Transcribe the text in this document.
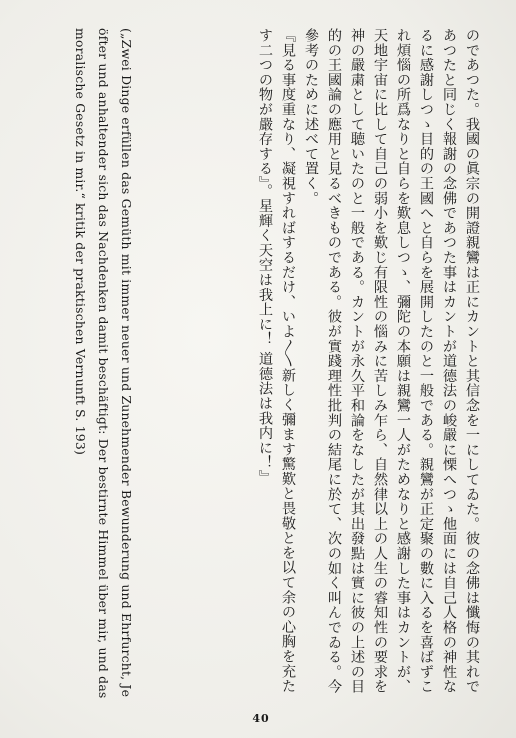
のであつた。我國の眞宗の開證親鸞は正にカントと其信念を一にしてゐた。彼の念佛は懺悔の其れであつたと同じく報謝の念佛であつた事はカントが道德法の峻嚴に慄へつゝ他面には自己人格の神性なるに感謝しつゝ目的の王國へと自らを展開したのと一般である。親鸞が正定聚の數に入るを喜ばずこれ煩惱の所爲なりと自らを歎息しつゝ、彌陀の本願は親鸞一人がためなりと感謝した事はカントが、天地宇宙に比して自己の弱小を歎じ有限性の惱みに苦しみ乍ら、自然律以上の人生の睿知性の要求を神の嚴粛として聴いたのと一般である。カントが永久平和論をなしたが其出發點は實に彼の上述の目的の王國論の應用と見るべきものである。彼が實踐理性批判の結尾に於て、次の如く叫んでゐる。今參考のために述べて置く。

『見る事度重なり、凝視すればするだけ、いよ〳〵新しく彌ます驚歎と畏敬とを以て余の心胸を充たす二つの物が嚴存する』。星輝く天空は我上に！ 道德法は我内に！』

(„Zwei Dinge erfüllen das Gemüth mit immer neuer und Zunehmender Bewunderung und Ehrfurcht, Je öfter und anhaltender sich das Nachdenken damit beschäftigt: Der bestirnte Himmel über mir, und das moralische Gesetz in mir.“ kritik der praktischen Vernunft S. 193)

40
